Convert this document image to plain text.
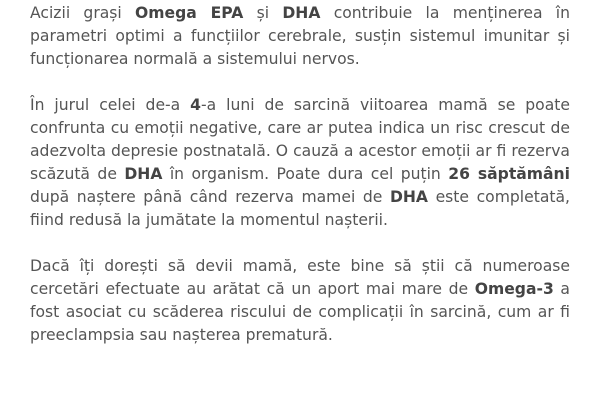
Acizii grași Omega EPA și DHA contribuie la menținerea în parametri optimi a funcțiilor cerebrale, susțin sistemul imunitar și funcționarea normală a sistemului nervos.

În jurul celei de-a 4-a luni de sarcină viitoarea mamă se poate confrunta cu emoții negative, care ar putea indica un risc crescut de adezvolta depresie postnatală. O cauză a acestor emoții ar fi rezerva scăzută de DHA în organism. Poate dura cel puțin 26 săptămâni după naștere până când rezerva mamei de DHA este completată, fiind redusă la jumătate la momentul nașterii.

Dacă îți dorești să devii mamă, este bine să știi că numeroase cercetări efectuate au arătat că un aport mai mare de Omega-3 a fost asociat cu scăderea riscului de complicații în sarcină, cum ar fi preeclampsia sau nașterea prematură.
